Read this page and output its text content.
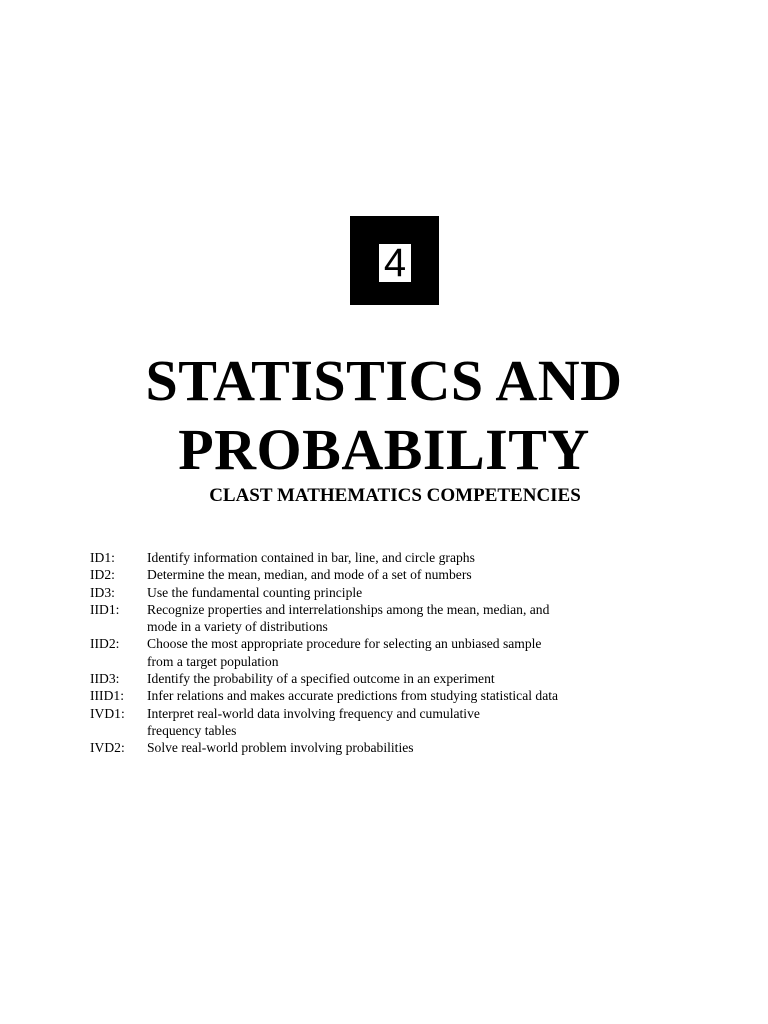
4
STATISTICS AND
PROBABILITY
CLAST MATHEMATICS COMPETENCIES
ID1:	Identify information contained in bar, line, and circle graphs
ID2:	Determine the mean, median, and mode of a set of numbers
ID3:	Use the fundamental counting principle
IID1:	Recognize properties and interrelationships among the mean, median, and
mode in a variety of distributions
IID2:	Choose the most appropriate procedure for selecting an unbiased sample
from a target population
IID3:	Identify the probability of a specified outcome in an experiment
IIID1:	Infer relations and makes accurate predictions from studying statistical data
IVD1:	Interpret real-world data involving frequency and cumulative
frequency tables
IVD2:	Solve real-world problem involving probabilities
